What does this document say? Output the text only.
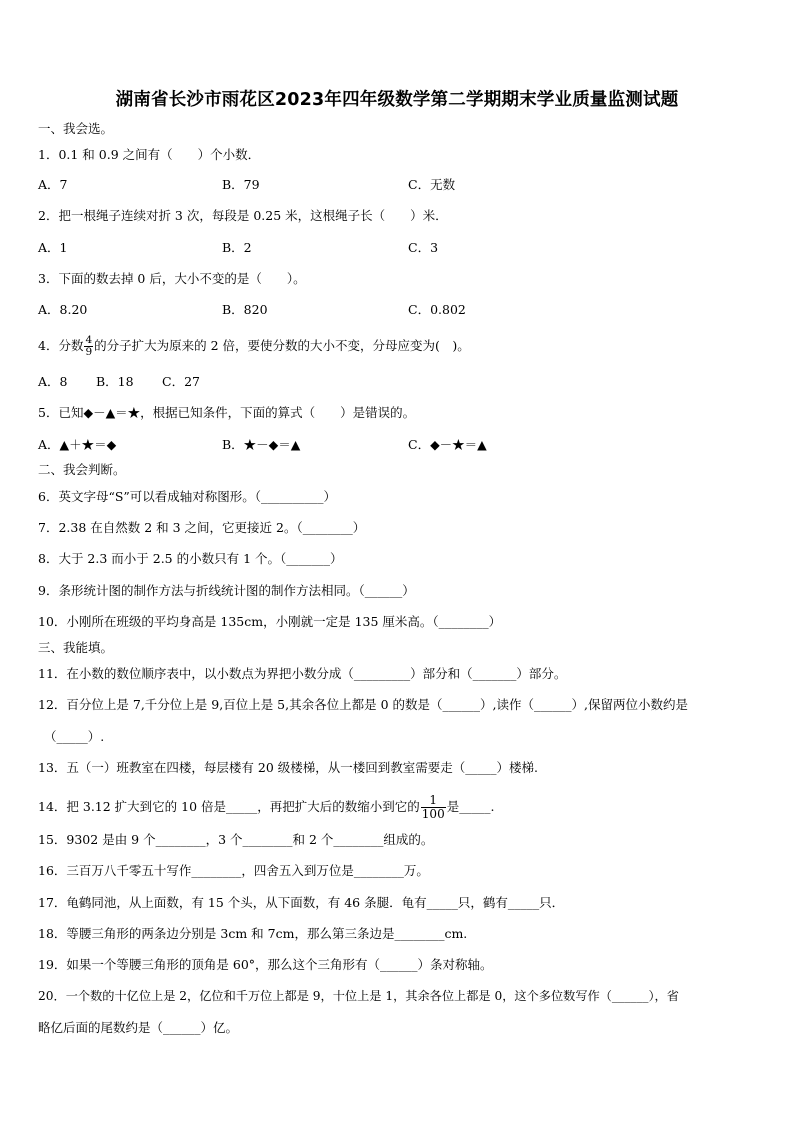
湖南省长沙市雨花区2023年四年级数学第二学期期末学业质量监测试题
一、我会选。
1．0.1 和 0.9 之间有（　　）个小数．
A．7	B．79	C．无数
2．把一根绳子连续对折 3 次，每段是 0.25 米，这根绳子长（　　）米．
A．1	B．2	C．3
3．下面的数去掉 0 后，大小不变的是（　　）。
A．8.20	B．820	C．0.802
4．分数 $\frac{4}{9}$ 的分子扩大为原来的 2 倍，要使分数的大小不变，分母应变为(　)。
A．8 B．18 C．27
5．已知◆－▲＝★，根据已知条件，下面的算式（　　）是错误的。
A．▲＋★＝◆	B．★－◆＝▲	C．◆－★＝▲
二、我会判断。
6．英文字母“S”可以看成轴对称图形。（__________）
7．2.38 在自然数 2 和 3 之间，它更接近 2。（________）
8．大于 2.3 而小于 2.5 的小数只有 1 个。（_______）
9．条形统计图的制作方法与折线统计图的制作方法相同。（______）
10．小刚所在班级的平均身高是 135cm，小刚就一定是 135 厘米高。（________）
三、我能填。
11．在小数的数位顺序表中，以小数点为界把小数分成（_________）部分和（_______）部分。
12．百分位上是 7,千分位上是 9,百位上是 5,其余各位上都是 0 的数是（______）,读作（______）,保留两位小数约是
（_____）.
13．五（一）班教室在四楼，每层楼有 20 级楼梯，从一楼回到教室需要走（_____）楼梯.
14．把 3.12 扩大到它的 10 倍是_____，再把扩大后的数缩小到它的 $\frac{1}{100}$ 是_____.
15．9302 是由 9 个________，3 个________和 2 个________组成的。
16．三百万八千零五十写作________，四舍五入到万位是________万。
17．龟鹤同池，从上面数，有 15 个头，从下面数，有 46 条腿．龟有_____只，鹤有_____只．
18．等腰三角形的两条边分别是 3cm 和 7cm，那么第三条边是________cm.
19．如果一个等腰三角形的顶角是 60°，那么这个三角形有（______）条对称轴。
20．一个数的十亿位上是 2，亿位和千万位上都是 9，十位上是 1，其余各位上都是 0，这个多位数写作（______），省
略亿后面的尾数约是（______）亿。
